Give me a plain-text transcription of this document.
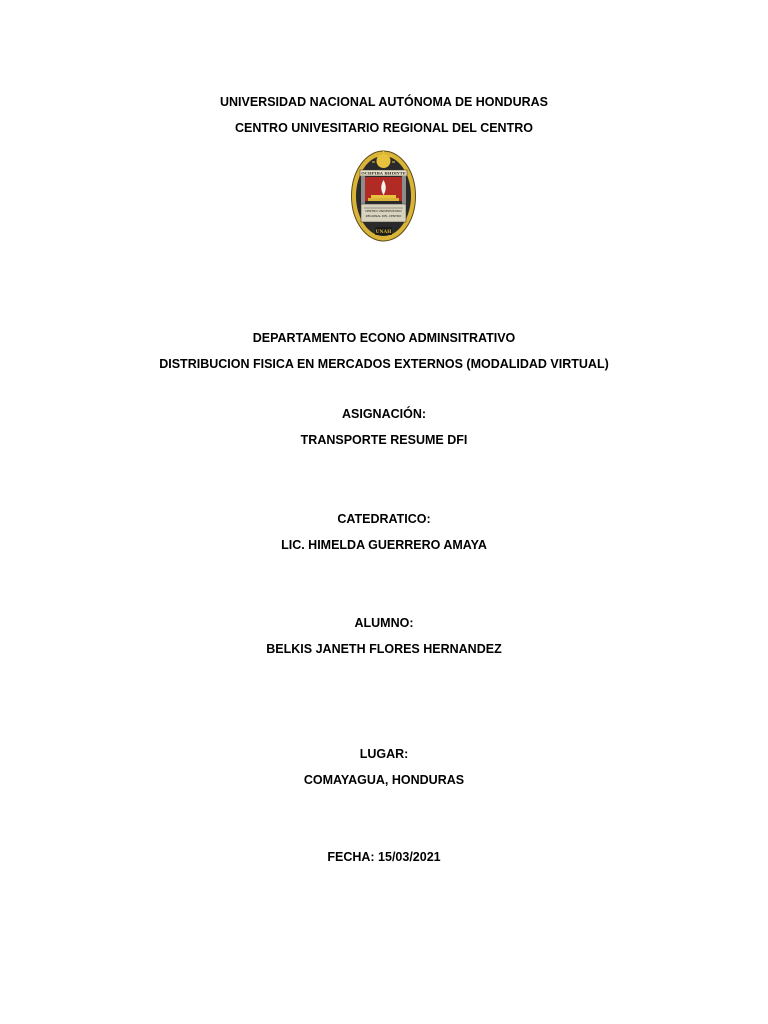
UNIVERSIDAD NACIONAL AUTÓNOMA DE HONDURAS
CENTRO UNIVESITARIO REGIONAL DEL CENTRO
OCHPIBA BHDIYTE
CENTRO UNIVERSITARIO
REGIONAL DEL CENTRO
UNAH
DEPARTAMENTO ECONO ADMINSITRATIVO
DISTRIBUCION FISICA EN MERCADOS EXTERNOS (MODALIDAD VIRTUAL)
ASIGNACIÓN:
TRANSPORTE RESUME DFI
CATEDRATICO:
LIC. HIMELDA GUERRERO AMAYA
ALUMNO:
BELKIS JANETH FLORES HERNANDEZ
LUGAR:
COMAYAGUA, HONDURAS
FECHA: 15/03/2021
